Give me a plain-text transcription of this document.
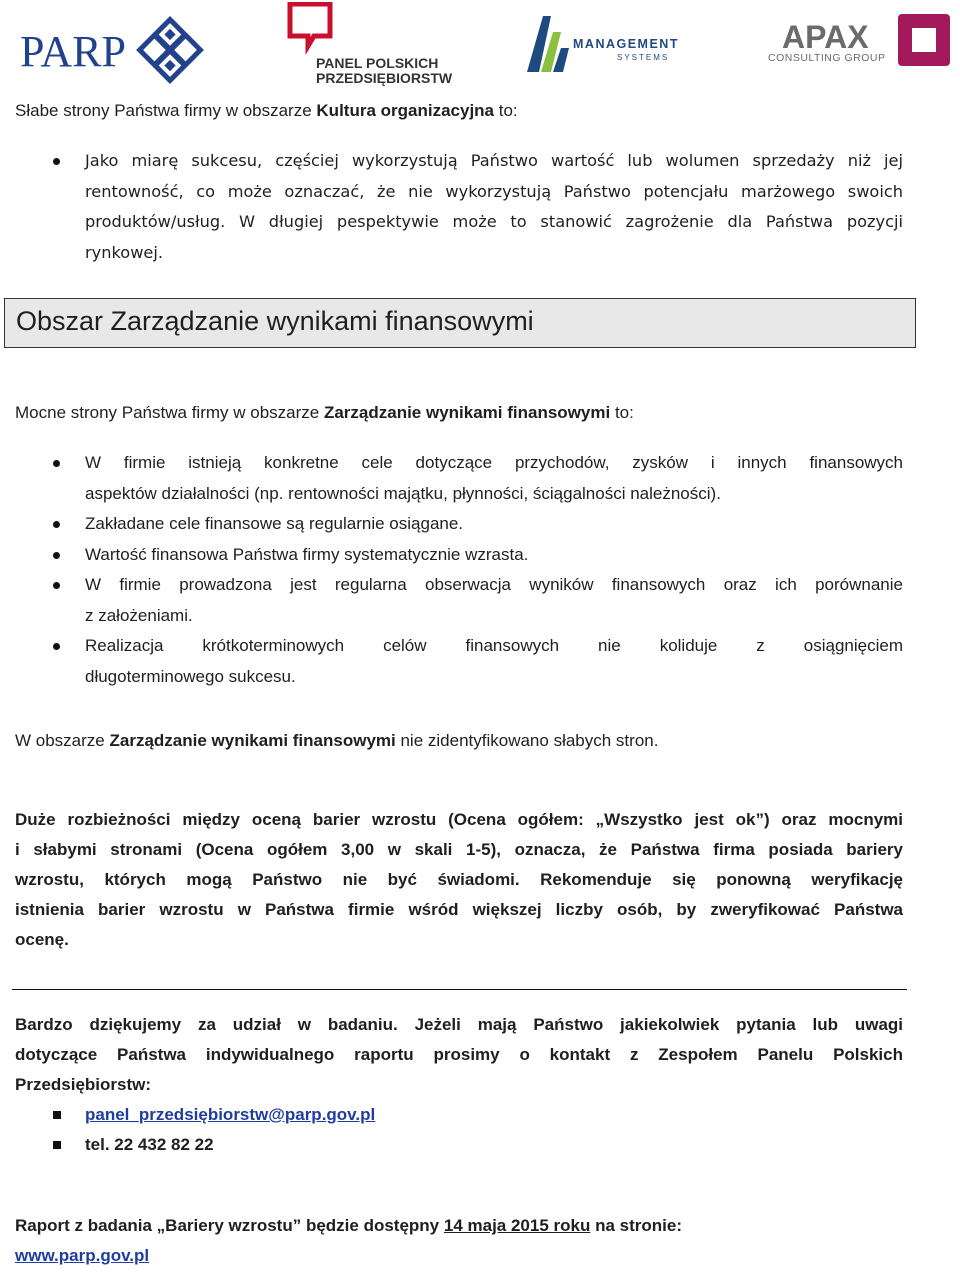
PARP	PANEL POLSKICH
PRZEDSIĘBIORSTW
MANAGEMENT
SYSTEMS
APAX
CONSULTING GROUP
Słabe strony Państwa firmy w obszarze Kultura organizacyjna to:
Jako miarę sukcesu, częściej wykorzystują Państwo wartość lub wolumen sprzedaży niż jej
rentowność, co może oznaczać, że nie wykorzystują Państwo potencjału marżowego swoich
produktów/usług. W długiej pespektywie może to stanowić zagrożenie dla Państwa pozycji
rynkowej.
Obszar Zarządzanie wynikami finansowymi
Mocne strony Państwa firmy w obszarze Zarządzanie wynikami finansowymi to:
W firmie istnieją konkretne cele dotyczące przychodów, zysków i innych finansowych
aspektów działalności (np. rentowności majątku, płynności, ściągalności należności).
Zakładane cele finansowe są regularnie osiągane.
Wartość finansowa Państwa firmy systematycznie wzrasta.
W firmie prowadzona jest regularna obserwacja wyników finansowych oraz ich porównanie
z założeniami.
Realizacja krótkoterminowych celów finansowych nie koliduje z osiągnięciem
długoterminowego sukcesu.
W obszarze Zarządzanie wynikami finansowymi nie zidentyfikowano słabych stron.
Duże rozbieżności między oceną barier wzrostu (Ocena ogółem: „Wszystko jest ok”) oraz mocnymi
i słabymi stronami (Ocena ogółem 3,00 w skali 1-5), oznacza, że Państwa firma posiada bariery
wzrostu, których mogą Państwo nie być świadomi. Rekomenduje się ponowną weryfikację
istnienia barier wzrostu w Państwa firmie wśród większej liczby osób, by zweryfikować Państwa
ocenę.
Bardzo dziękujemy za udział w badaniu. Jeżeli mają Państwo jakiekolwiek pytania lub uwagi
dotyczące Państwa indywidualnego raportu prosimy o kontakt z Zespołem Panelu Polskich
Przedsiębiorstw:
panel_przedsiębiorstw@parp.gov.pl
tel. 22 432 82 22
Raport z badania „Bariery wzrostu” będzie dostępny 14 maja 2015 roku na stronie:
www.parp.gov.pl
